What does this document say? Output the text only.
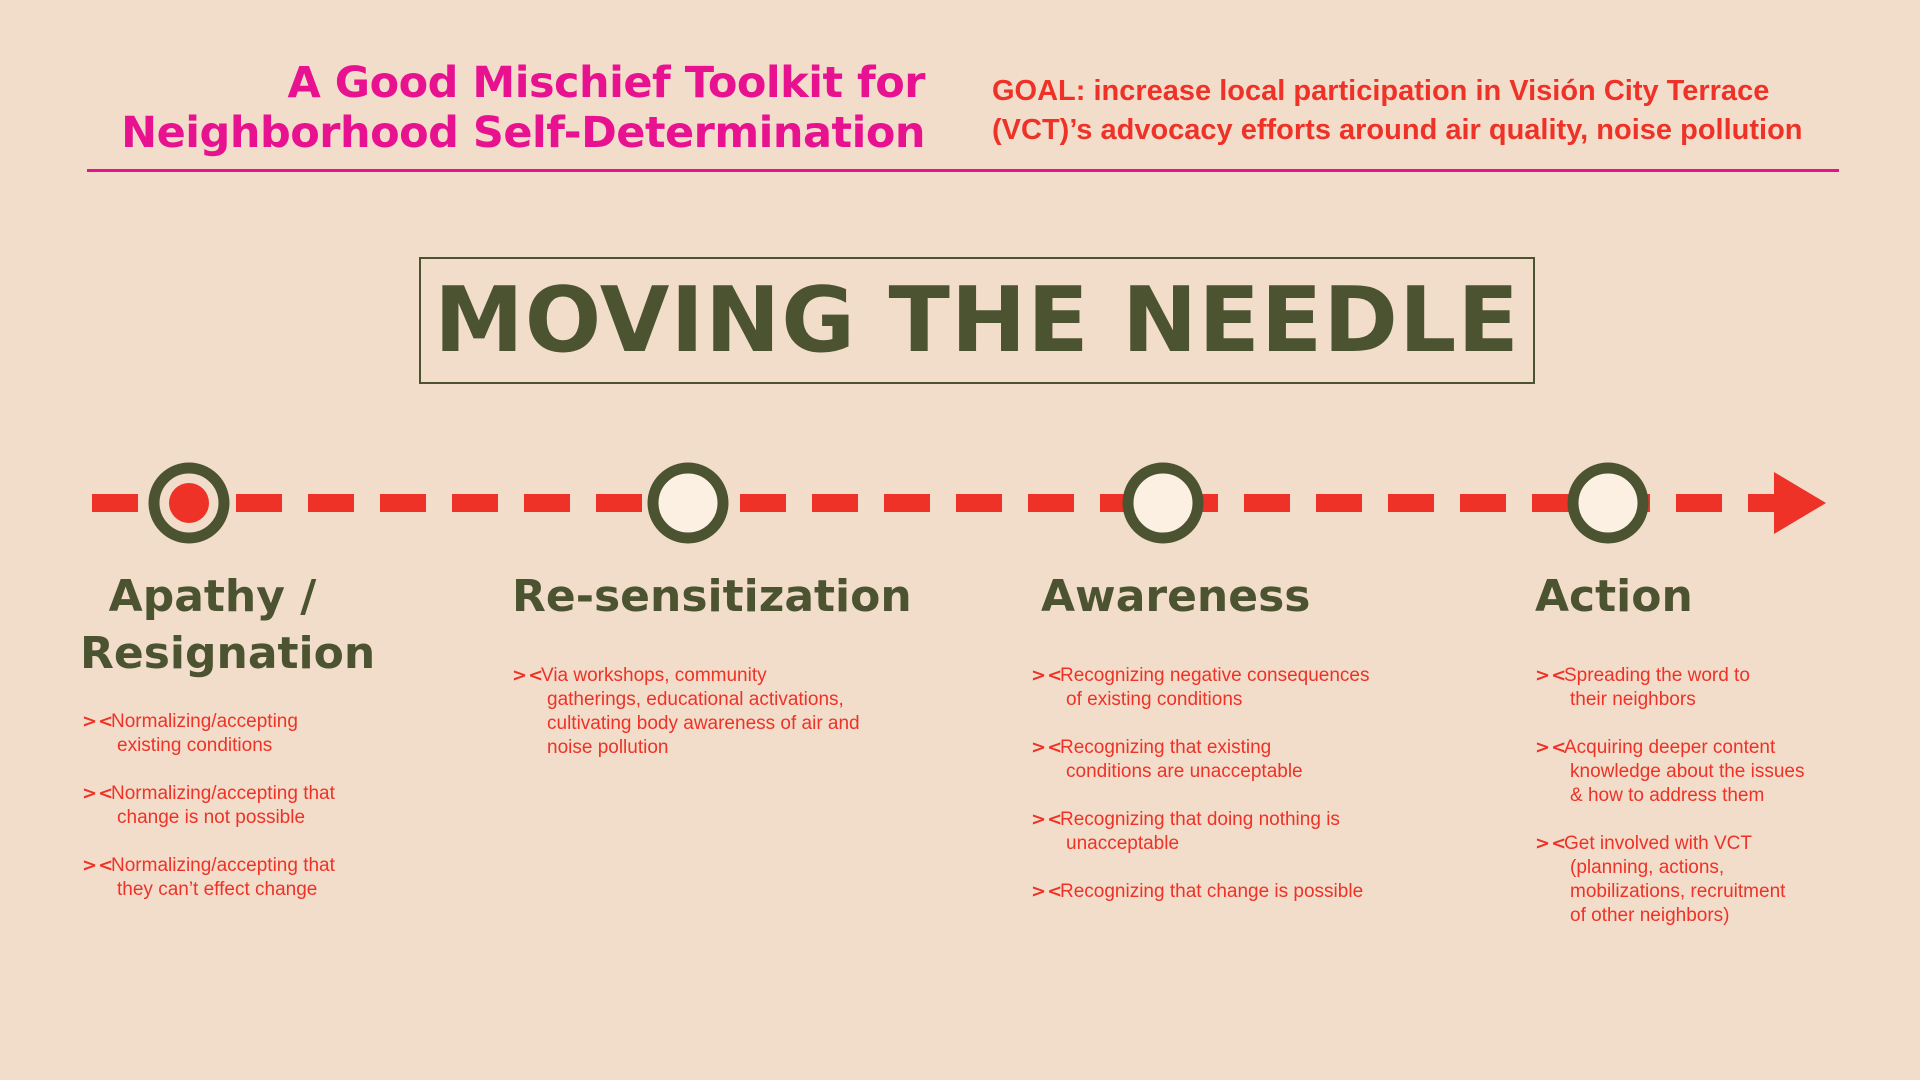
A Good Mischief Toolkit for
Neighborhood Self-Determination
GOAL: increase local participation in Visión City Terrace
(VCT)’s advocacy efforts around air quality, noise pollution
MOVING THE NEEDLE
Apathy /
Resignation
><
Normalizing/accepting
existing conditions
><
Normalizing/accepting that
change is not possible
><
Normalizing/accepting that
they can’t effect change
Re-sensitization
><
Via workshops, community
gatherings, educational activations,
cultivating body awareness of air and
noise pollution
Awareness
><
Recognizing negative consequences
of existing conditions
><
Recognizing that existing
conditions are unacceptable
><
Recognizing that doing nothing is
unacceptable
><
Recognizing that change is possible
Action
><
Spreading the word to
their neighbors
><
Acquiring deeper content
knowledge about the issues
& how to address them
><
Get involved with VCT
(planning, actions,
mobilizations, recruitment
of other neighbors)
